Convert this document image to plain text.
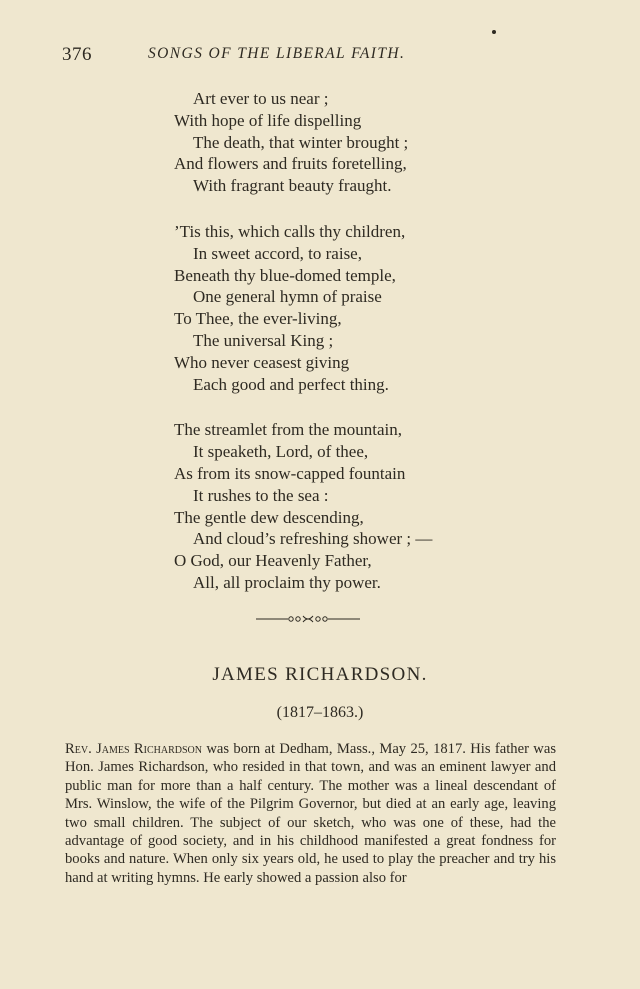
376	SONGS OF THE LIBERAL FAITH.
Art ever to us near ;
With hope of life dispelling
The death, that winter brought ;
And flowers and fruits foretelling,
With fragrant beauty fraught.
’Tis this, which calls thy children,
In sweet accord, to raise,
Beneath thy blue-domed temple,
One general hymn of praise
To Thee, the ever-living,
The universal King ;
Who never ceasest giving
Each good and perfect thing.
The streamlet from the mountain,
It speaketh, Lord, of thee,
As from its snow-capped fountain
It rushes to the sea :
The gentle dew descending,
And cloud’s refreshing shower ; —
O God, our Heavenly Father,
All, all proclaim thy power.
JAMES RICHARDSON.
(1817–1863.)

Rev. James Richardson was born at Dedham, Mass., May 25, 1817. His father was Hon. James Richardson, who resided in that town, and was an eminent lawyer and public man for more than a half century. The mother was a lineal descendant of Mrs. Winslow, the wife of the Pilgrim Governor, but died at an early age, leaving two small children. The subject of our sketch, who was one of these, had the advantage of good society, and in his childhood manifested a great fondness for books and nature. When only six years old, he used to play the preacher and try his hand at writing hymns. He early showed a passion also for
